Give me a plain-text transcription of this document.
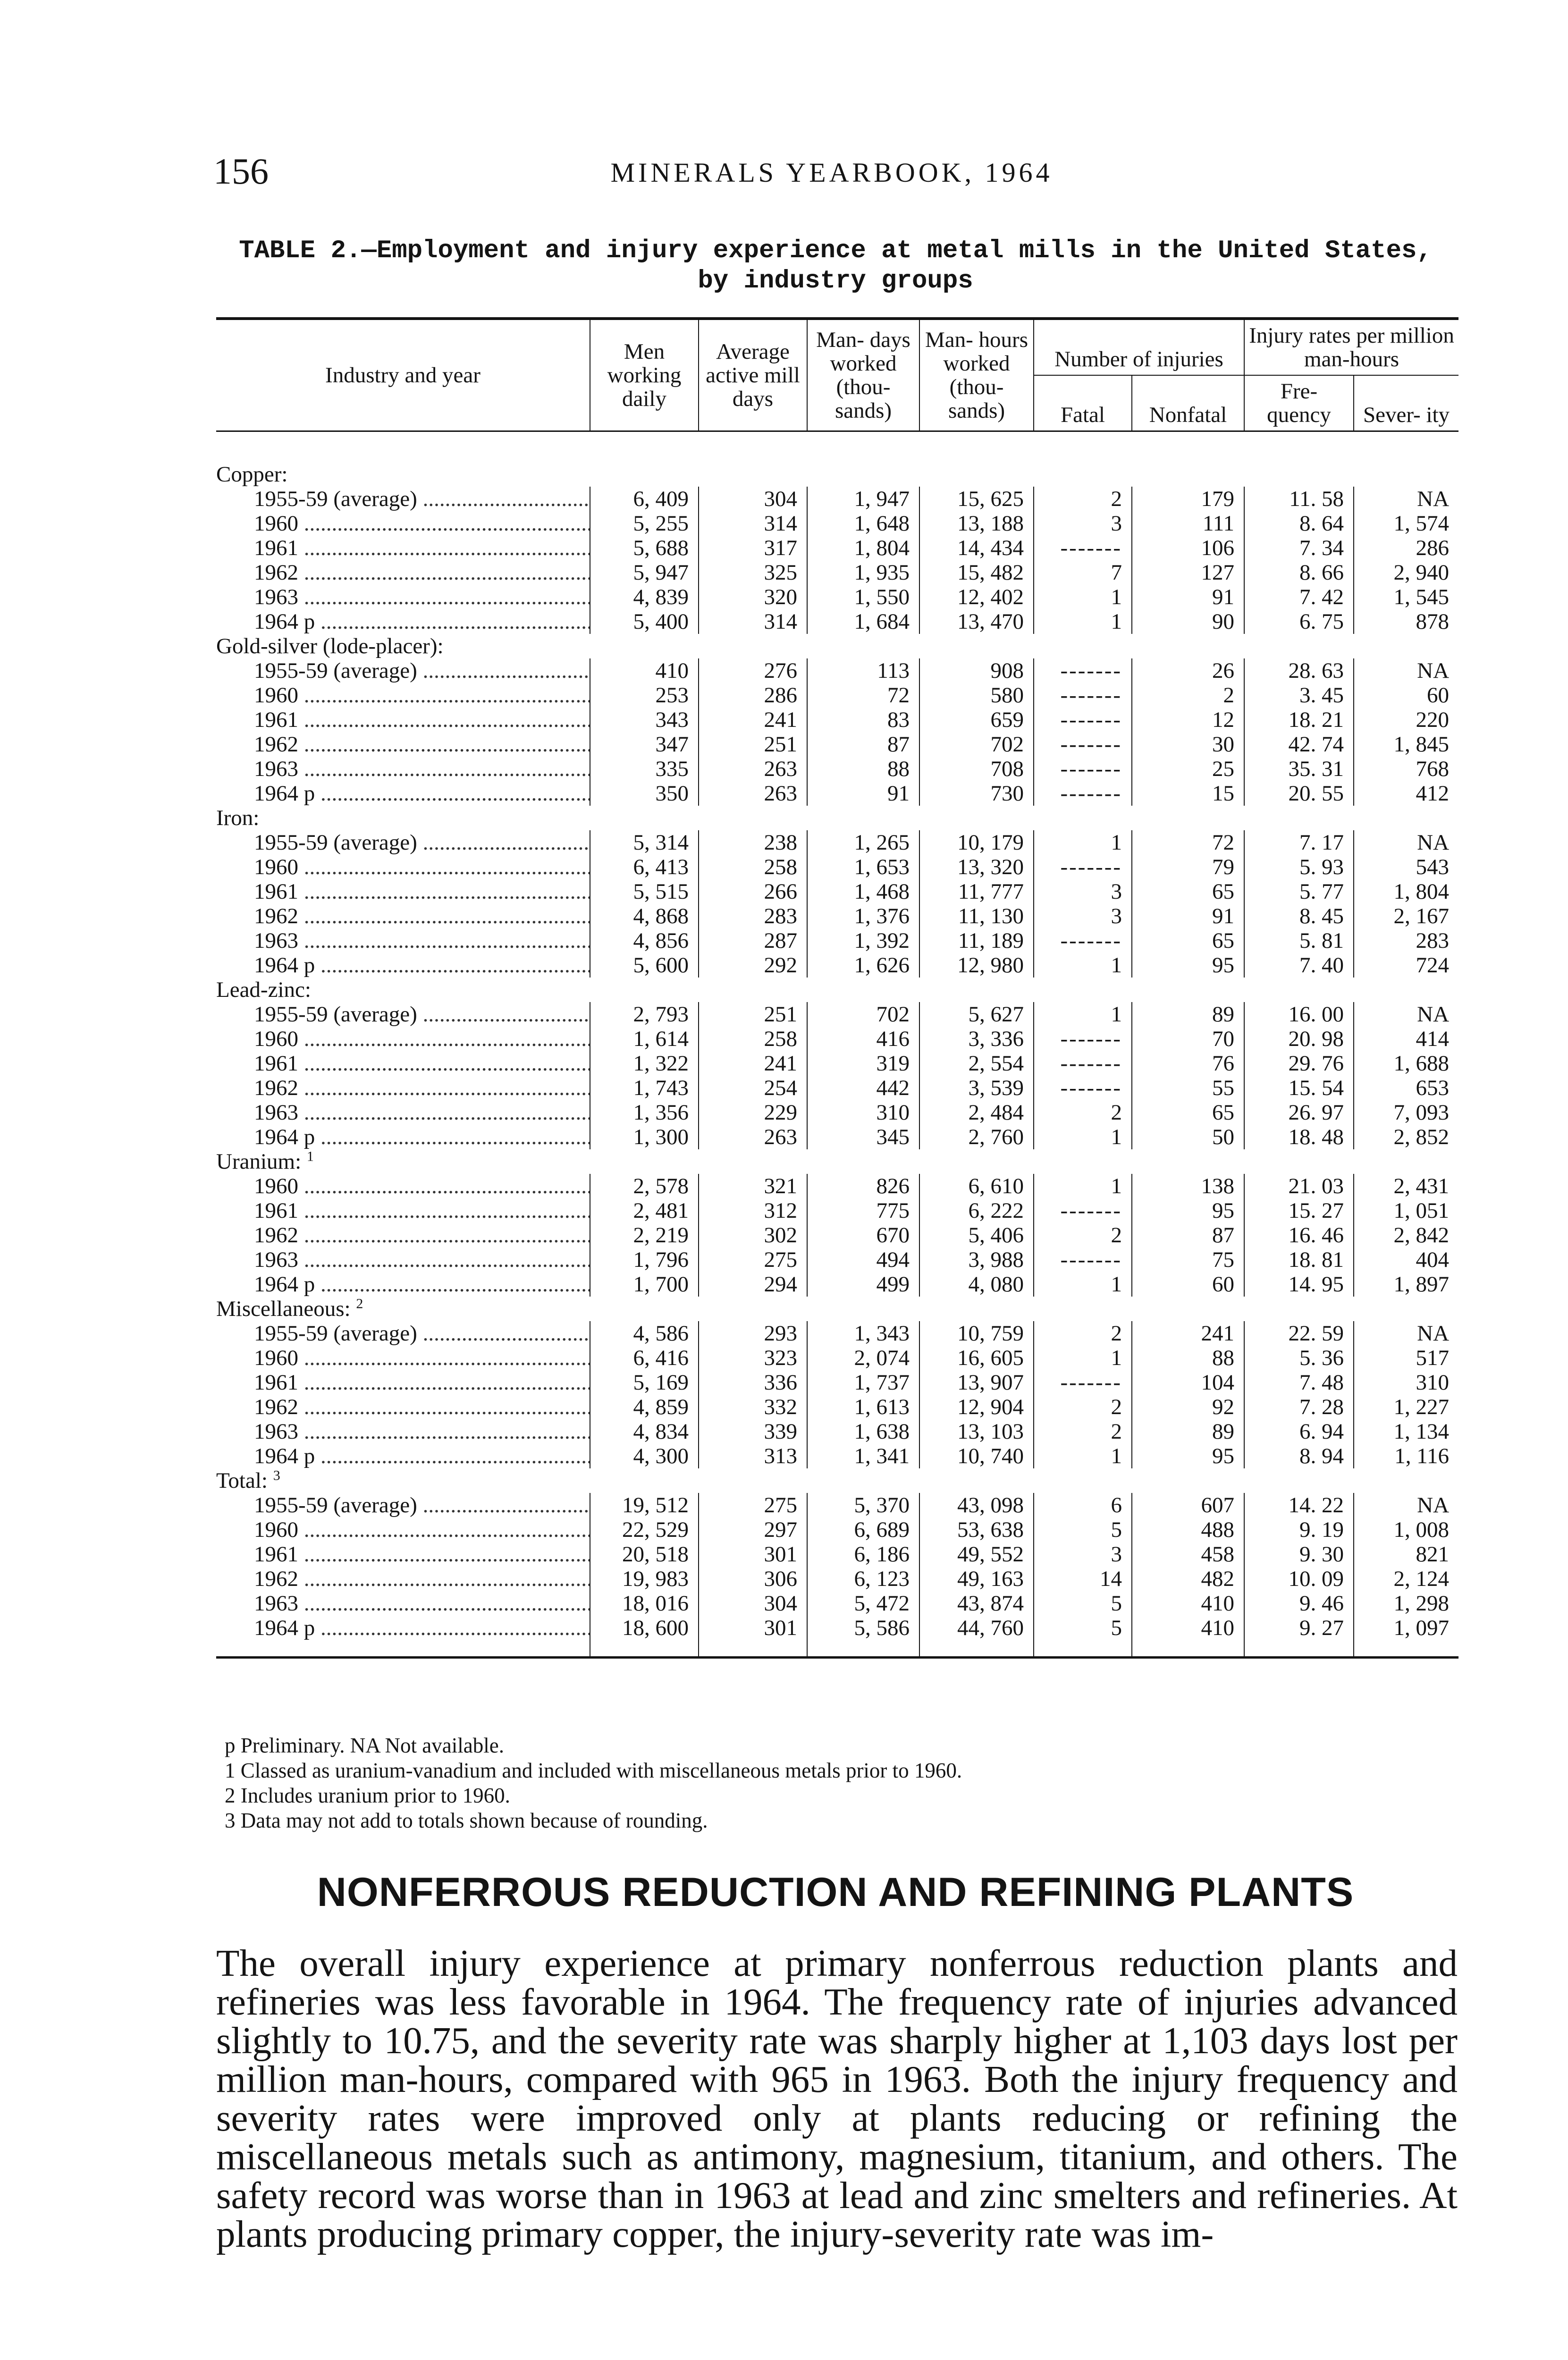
156	MINERALS YEARBOOK, 1964
TABLE 2.—Employment and injury experience at metal mills in the United States,
by industry groups
Industry and year	Men working daily	Average active mill days	Man- days worked (thou- sands)	Man- hours worked (thou- sands)	Number of injuries		Injury rates per million man-hours	
					Fatal	Nonfatal	Fre- quency	Sever- ity
Copper:								
1955-59 (average) .....	6, 409	304	1, 947	15, 625	2	179	11. 58	NA
1960 .....	5, 255	314	1, 648	13, 188	3	111	8. 64	1, 574
1961 .....	5, 688	317	1, 804	14, 434	-------	106	7. 34	286
1962 .....	5, 947	325	1, 935	15, 482	7	127	8. 66	2, 940
1963 .....	4, 839	320	1, 550	12, 402	1	91	7. 42	1, 545
1964 p .....	5, 400	314	1, 684	13, 470	1	90	6. 75	878
Gold-silver (lode-placer):								
1955-59 (average) .....	410	276	113	908	-------	26	28. 63	NA
1960 .....	253	286	72	580	-------	2	3. 45	60
1961 .....	343	241	83	659	-------	12	18. 21	220
1962 .....	347	251	87	702	-------	30	42. 74	1, 845
1963 .....	335	263	88	708	-------	25	35. 31	768
1964 p .....	350	263	91	730	-------	15	20. 55	412
Iron:								
1955-59 (average) .....	5, 314	238	1, 265	10, 179	1	72	7. 17	NA
1960 .....	6, 413	258	1, 653	13, 320	-------	79	5. 93	543
1961 .....	5, 515	266	1, 468	11, 777	3	65	5. 77	1, 804
1962 .....	4, 868	283	1, 376	11, 130	3	91	8. 45	2, 167
1963 .....	4, 856	287	1, 392	11, 189	-------	65	5. 81	283
1964 p .....	5, 600	292	1, 626	12, 980	1	95	7. 40	724
Lead-zinc:								
1955-59 (average) .....	2, 793	251	702	5, 627	1	89	16. 00	NA
1960 .....	1, 614	258	416	3, 336	-------	70	20. 98	414
1961 .....	1, 322	241	319	2, 554	-------	76	29. 76	1, 688
1962 .....	1, 743	254	442	3, 539	-------	55	15. 54	653
1963 .....	1, 356	229	310	2, 484	2	65	26. 97	7, 093
1964 p .....	1, 300	263	345	2, 760	1	50	18. 48	2, 852
Uranium: $^1$
1960 .....	2, 578	321	826	6, 610	1	138	21. 03	2, 431
1961 .....	2, 481	312	775	6, 222	-------	95	15. 27	1, 051
1962 .....	2, 219	302	670	5, 406	2	87	16. 46	2, 842
1963 .....	1, 796	275	494	3, 988	-------	75	18. 81	404
1964 p .....	1, 700	294	499	4, 080	1	60	14. 95	1, 897
Miscellaneous: $^2$
1955-59 (average) .....	4, 586	293	1, 343	10, 759	2	241	22. 59	NA
1960 .....	6, 416	323	2, 074	16, 605	1	88	5. 36	517
1961 .....	5, 169	336	1, 737	13, 907	-------	104	7. 48	310
1962 .....	4, 859	332	1, 613	12, 904	2	92	7. 28	1, 227
1963 .....	4, 834	339	1, 638	13, 103	2	89	6. 94	1, 134
1964 p .....	4, 300	313	1, 341	10, 740	1	95	8. 94	1, 116
Total: $^3$
1955-59 (average) .....	19, 512	275	5, 370	43, 098	6	607	14. 22	NA
1960 .....	22, 529	297	6, 689	53, 638	5	488	9. 19	1, 008
1961 .....	20, 518	301	6, 186	49, 552	3	458	9. 30	821
1962 .....	19, 983	306	6, 123	49, 163	14	482	10. 09	2, 124
1963 .....	18, 016	304	5, 472	43, 874	5	410	9. 46	1, 298
1964 p .....	18, 600	301	5, 586	44, 760	5	410	9. 27	1, 097

p Preliminary. NA Not available.

1 Classed as uranium-vanadium and included with miscellaneous metals prior to 1960.

2 Includes uranium prior to 1960.

3 Data may not add to totals shown because of rounding.

NONFERROUS REDUCTION AND REFINING PLANTS

The overall injury experience at primary nonferrous reduction plants and refineries was less favorable in 1964. The frequency rate of injuries advanced slightly to 10.75, and the severity rate was sharply higher at 1,103 days lost per million man-hours, compared with 965 in 1963. Both the injury frequency and severity rates were improved only at plants reducing or refining the miscellaneous metals such as antimony, magnesium, titanium, and others. The safety record was worse than in 1963 at lead and zinc smelters and refineries. At plants producing primary copper, the injury-severity rate was im-
